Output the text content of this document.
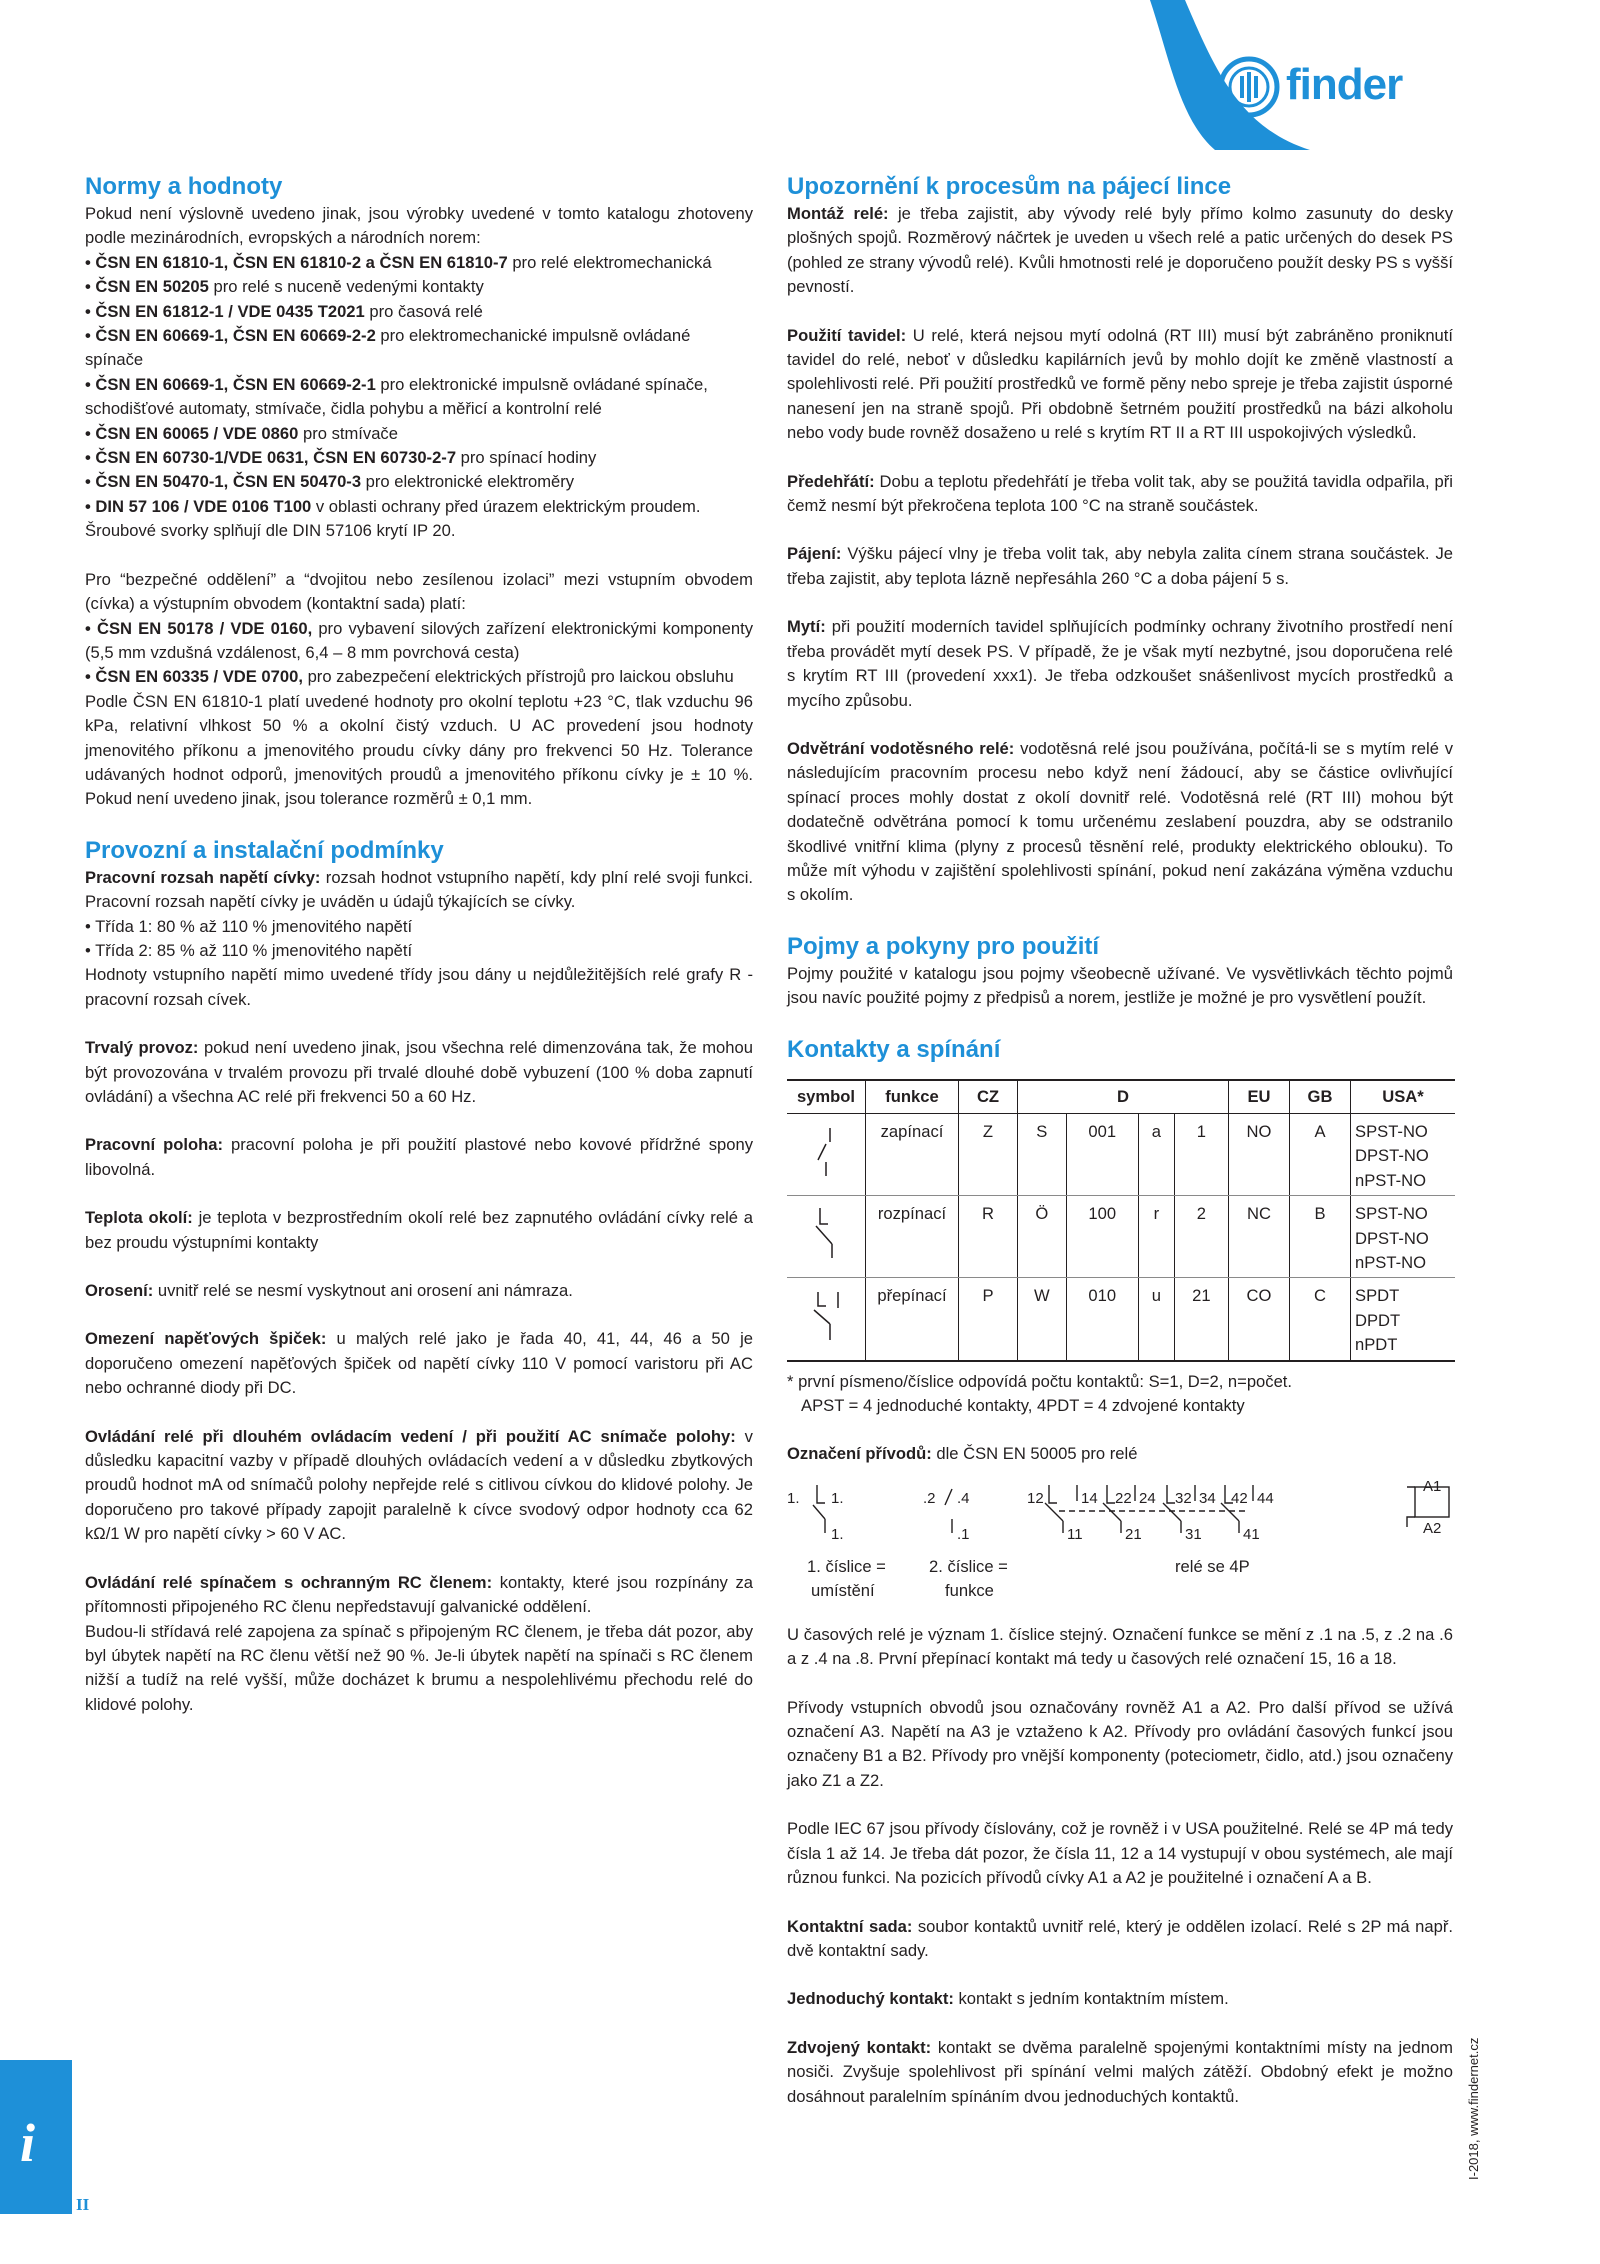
Technické vysvětlivky	finder
Normy a hodnoty

Pokud není výslovně uvedeno jinak, jsou výrobky uvedené v tomto katalogu zhotoveny podle mezinárodních, evropských a národních norem:

• ČSN EN 61810-1, ČSN EN 61810-2 a ČSN EN 61810-7 pro relé elektromechanická
• ČSN EN 50205 pro relé s nuceně vedenými kontakty
• ČSN EN 61812-1 / VDE 0435 T2021 pro časová relé
• ČSN EN 60669-1, ČSN EN 60669-2-2 pro elektromechanické impulsně ovládané spínače
• ČSN EN 60669-1, ČSN EN 60669-2-1 pro elektronické impulsně ovládané spínače, schodišťové automaty, stmívače, čidla pohybu a měřicí a kontrolní relé
• ČSN EN 60065 / VDE 0860 pro stmívače
• ČSN EN 60730-1/VDE 0631, ČSN EN 60730-2-7 pro spínací hodiny
• ČSN EN 50470-1, ČSN EN 50470-3 pro elektronické elektroměry
• DIN 57 106 / VDE 0106 T100 v oblasti ochrany před úrazem elektrickým proudem.

Šroubové svorky splňují dle DIN 57106 krytí IP 20.

Pro “bezpečné oddělení” a “dvojitou nebo zesílenou izolaci” mezi vstupním obvodem (cívka) a výstupním obvodem (kontaktní sada) platí:

• ČSN EN 50178 / VDE 0160, pro vybavení silových zařízení elektronickými komponenty (5,5 mm vzdušná vzdálenost, 6,4 – 8 mm povrchová cesta)
• ČSN EN 60335 / VDE 0700, pro zabezpečení elektrických přístrojů pro laickou obsluhu

Podle ČSN EN 61810-1 platí uvedené hodnoty pro okolní teplotu +23 °C, tlak vzduchu 96 kPa, relativní vlhkost 50 % a okolní čistý vzduch. U AC provedení jsou hodnoty jmenovitého příkonu a jmenovitého proudu cívky dány pro frekvenci 50 Hz. Tolerance udávaných hodnot odporů, jmenovitých proudů a jmenovitého příkonu cívky je ± 10 %. Pokud není uvedeno jinak, jsou tolerance rozměrů ± 0,1 mm.

Provozní a instalační podmínky

Pracovní rozsah napětí cívky: rozsah hodnot vstupního napětí, kdy plní relé svoji funkci. Pracovní rozsah napětí cívky je uváděn u údajů týkajících se cívky.

• Třída 1: 80 % až 110 % jmenovitého napětí
• Třída 2: 85 % až 110 % jmenovitého napětí

Hodnoty vstupního napětí mimo uvedené třídy jsou dány u nejdůležitějších relé grafy R - pracovní rozsah cívek.

Trvalý provoz: pokud není uvedeno jinak, jsou všechna relé dimenzována tak, že mohou být provozována v trvalém provozu při trvalé dlouhé době vybuzení (100 % doba zapnutí ovládání) a všechna AC relé při frekvenci 50 a 60 Hz.

Pracovní poloha: pracovní poloha je při použití plastové nebo kovové přídržné spony libovolná.

Teplota okolí: je teplota v bezprostředním okolí relé bez zapnutého ovládání cívky relé a bez proudu výstupními kontakty

Orosení: uvnitř relé se nesmí vyskytnout ani orosení ani námraza.

Omezení napěťových špiček: u malých relé jako je řada 40, 41, 44, 46 a 50 je doporučeno omezení napěťových špiček od napětí cívky 110 V pomocí varistoru při AC nebo ochranné diody při DC.

Ovládání relé při dlouhém ovládacím vedení / při použití AC snímače polohy: v důsledku kapacitní vazby v případě dlouhých ovládacích vedení a v důsledku zbytkových proudů hodnot mA od snímačů polohy nepřejde relé s citlivou cívkou do klidové polohy. Je doporučeno pro takové případy zapojit paralelně k cívce svodový odpor hodnoty cca 62 kΩ/1 W pro napětí cívky > 60 V AC.

Ovládání relé spínačem s ochranným RC členem: kontakty, které jsou rozpínány za přítomnosti připojeného RC členu nepředstavují galvanické oddělení.

Budou-li střídavá relé zapojena za spínač s připojeným RC členem, je třeba dát pozor, aby byl úbytek napětí na RC členu větší než 90 %. Je-li úbytek napětí na spínači s RC členem nižší a tudíž na relé vyšší, může docházet k brumu a nespolehlivému přechodu relé do klidové polohy.

Upozornění k procesům na pájecí lince

Montáž relé: je třeba zajistit, aby vývody relé byly přímo kolmo zasunuty do desky plošných spojů. Rozměrový náčrtek je uveden u všech relé a patic určených do desek PS (pohled ze strany vývodů relé). Kvůli hmotnosti relé je doporučeno použít desky PS s vyšší pevností.

Použití tavidel: U relé, která nejsou mytí odolná (RT III) musí být zabráněno proniknutí tavidel do relé, neboť v důsledku kapilárních jevů by mohlo dojít ke změně vlastností a spolehlivosti relé. Při použití prostředků ve formě pěny nebo spreje je třeba zajistit úsporné nanesení jen na straně spojů. Při obdobně šetrném použití prostředků na bázi alkoholu nebo vody bude rovněž dosaženo u relé s krytím RT II a RT III uspokojivých výsledků.

Předehřátí: Dobu a teplotu předehřátí je třeba volit tak, aby se použitá tavidla odpařila, při čemž nesmí být překročena teplota 100 °C na straně součástek.

Pájení: Výšku pájecí vlny je třeba volit tak, aby nebyla zalita cínem strana součástek. Je třeba zajistit, aby teplota lázně nepřesáhla 260 °C a doba pájení 5 s.

Mytí: při použití moderních tavidel splňujících podmínky ochrany životního prostředí není třeba provádět mytí desek PS. V případě, že je však mytí nezbytné, jsou doporučena relé s krytím RT III (provedení xxx1). Je třeba odzkoušet snášenlivost mycích prostředků a mycího způsobu.

Odvětrání vodotěsného relé: vodotěsná relé jsou používána, počítá-li se s mytím relé v následujícím pracovním procesu nebo když není žádoucí, aby se částice ovlivňující spínací proces mohly dostat z okolí dovnitř relé. Vodotěsná relé (RT III) mohou být dodatečně odvětrána pomocí k tomu určenému zeslabení pouzdra, aby se odstranilo škodlivé vnitřní klima (plyny z procesů těsnění relé, produkty elektrického oblouku). To může mít výhodu v zajištění spolehlivosti spínání, pokud není zakázána výměna vzduchu s okolím.

Pojmy a pokyny pro použití

Pojmy použité v katalogu jsou pojmy všeobecně užívané. Ve vysvětlivkách těchto pojmů jsou navíc použité pojmy z předpisů a norem, jestliže je možné je pro vysvětlení použít.

Kontakty a spínání
symbol	funkce	CZ	D				EU	GB	USA*
	zapínací	Z	S	001	a	1	NO	A	SPST-NO
DPST-NO
nPST-NO

	rozpínací	R	Ö	100	r	2	NC	B	SPST-NO
DPST-NO
nPST-NO

	přepínací	P	W	010	u	21	CO	C	SPDT
DPDT
nPDT
* první písmeno/číslice odpovídá počtu kontaktů: S=1, D=2, n=počet.
APST = 4 jednoduché kontakty, 4PDT = 4 zdvojené kontakty

Označení přívodů: dle ČSN EN 50005 pro relé

1. 1.
1.
.2 .4
.1
12 14 22 24 32 34 42 44
11	21	31	41
A1
A2
1. číslice =
umístění
2. číslice =
funkce
relé se 4P

U časových relé je význam 1. číslice stejný. Označení funkce se mění z .1 na .5, z .2 na .6 a z .4 na .8. První přepínací kontakt má tedy u časových relé označení 15, 16 a 18.

Přívody vstupních obvodů jsou označovány rovněž A1 a A2. Pro další přívod se užívá označení A3. Napětí na A3 je vztaženo k A2. Přívody pro ovládání časových funkcí jsou označeny B1 a B2. Přívody pro vnější komponenty (poteciometr, čidlo, atd.) jsou označeny jako Z1 a Z2.

Podle IEC 67 jsou přívody číslovány, což je rovněž i v USA použitelné. Relé se 4P má tedy čísla 1 až 14. Je třeba dát pozor, že čísla 11, 12 a 14 vystupují v obou systémech, ale mají různou funkci. Na pozicích přívodů cívky A1 a A2 je použitelné i označení A a B.

Kontaktní sada: soubor kontaktů uvnitř relé, který je oddělen izolací. Relé s 2P má např. dvě kontaktní sady.

Jednoduchý kontakt: kontakt s jedním kontaktním místem.

Zdvojený kontakt: kontakt se dvěma paralelně spojenými kontaktními místy na jednom nosiči. Zvyšuje spolehlivost při spínání velmi malých zátěží. Obdobný efekt je možno dosáhnout paralelním spínáním dvou jednoduchých kontaktů.

i
II
I-2018, www.findernet.cz
